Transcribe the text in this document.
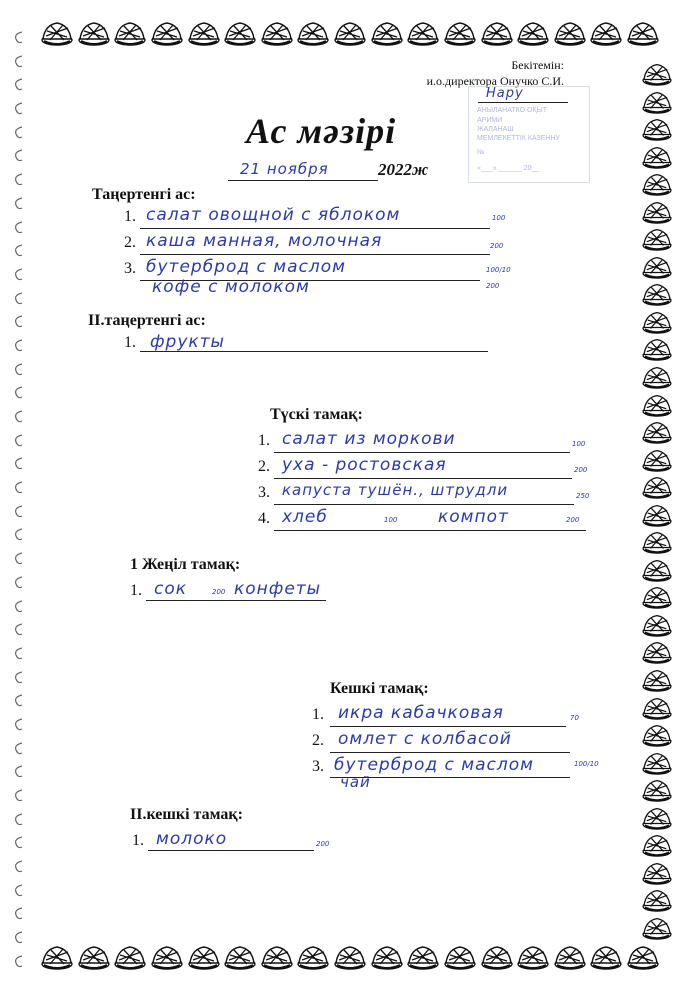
Бекітемін:
и.о.директора Онучко С.И.
Нару
АНЫЛАНАТКО ОҚЫТ
АРИМИ
ЖАЛАНАШ
МЕМЛЕКЕТТІК КАЗЕННУ
№
«___» ______ 20__
Ас мәзірі
21 ноября	2022ж
Таңертенгі ас:
1. салат овощной с яблоком	100
2. каша манная, молочная	200
3. бутерброд с маслом	100/10
кофе с молоком	200
ІІ.таңертенгі ас:
1. фрукты
Түскі тамақ:
1. салат из моркови	100
2. уха - ростовская	200
3. капуста тушён., штрудли	250
4. хлеб	100 компот	200
1 Жеңіл тамақ:
1. сок	200 конфеты
Кешкі тамақ:
1. икра кабачковая	70
2. омлет с колбасой
3. бутерброд с маслом	100/10
чай
ІІ.кешкі тамақ:
1. молоко	200
